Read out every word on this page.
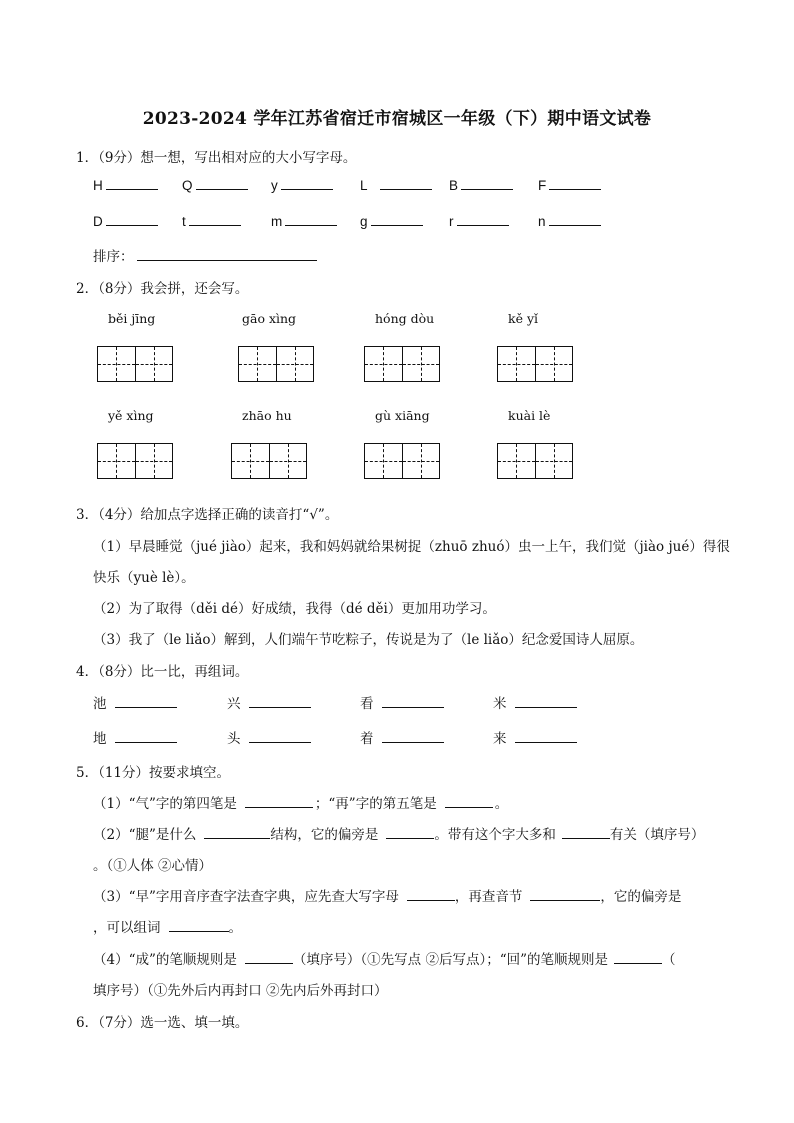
2023-2024 学年江苏省宿迁市宿城区一年级（下）期中语文试卷
1．（9分）想一想，写出相对应的大小写字母。
H	Q	y	L	B	F
D	t	m	g	r	n
排序：
2．（8分）我会拼，还会写。
běi jīng	gāo xìng	hóng dòu	kě yǐ
yě xìng	zhāo hu	gù xiāng	kuài lè
3．（4分）给加点字选择正确的读音打“√”。
（1）早晨睡觉（jué jiào）起来，我和妈妈就给果树捉（zhuō zhuó）虫一上午，我们觉（jiào jué）得很
快乐（yuè lè）。
（2）为了取得（děi dé）好成绩，我得（dé děi）更加用功学习。
（3）我了（le liǎo）解到，人们端午节吃粽子，传说是为了（le liǎo）纪念爱国诗人屈原。
4．（8分）比一比，再组词。
池	兴	看	米
地	头	着	来
5．（11分）按要求填空。
（1）“气”字的第四笔是	；“再”字的第五笔是	。
（2）“腿”是什么	结构，它的偏旁是	。带有这个字大多和	有关（填序号）
。（①人体 ②心情）
（3）“早”字用音序查字法查字典，应先查大写字母	，再查音节	，它的偏旁是
，可以组词	。
（4）“成”的笔顺规则是	（填序号）（①先写点 ②后写点）；“回”的笔顺规则是	（
填序号）（①先外后内再封口 ②先内后外再封口）
6．（7分）选一选、填一填。
